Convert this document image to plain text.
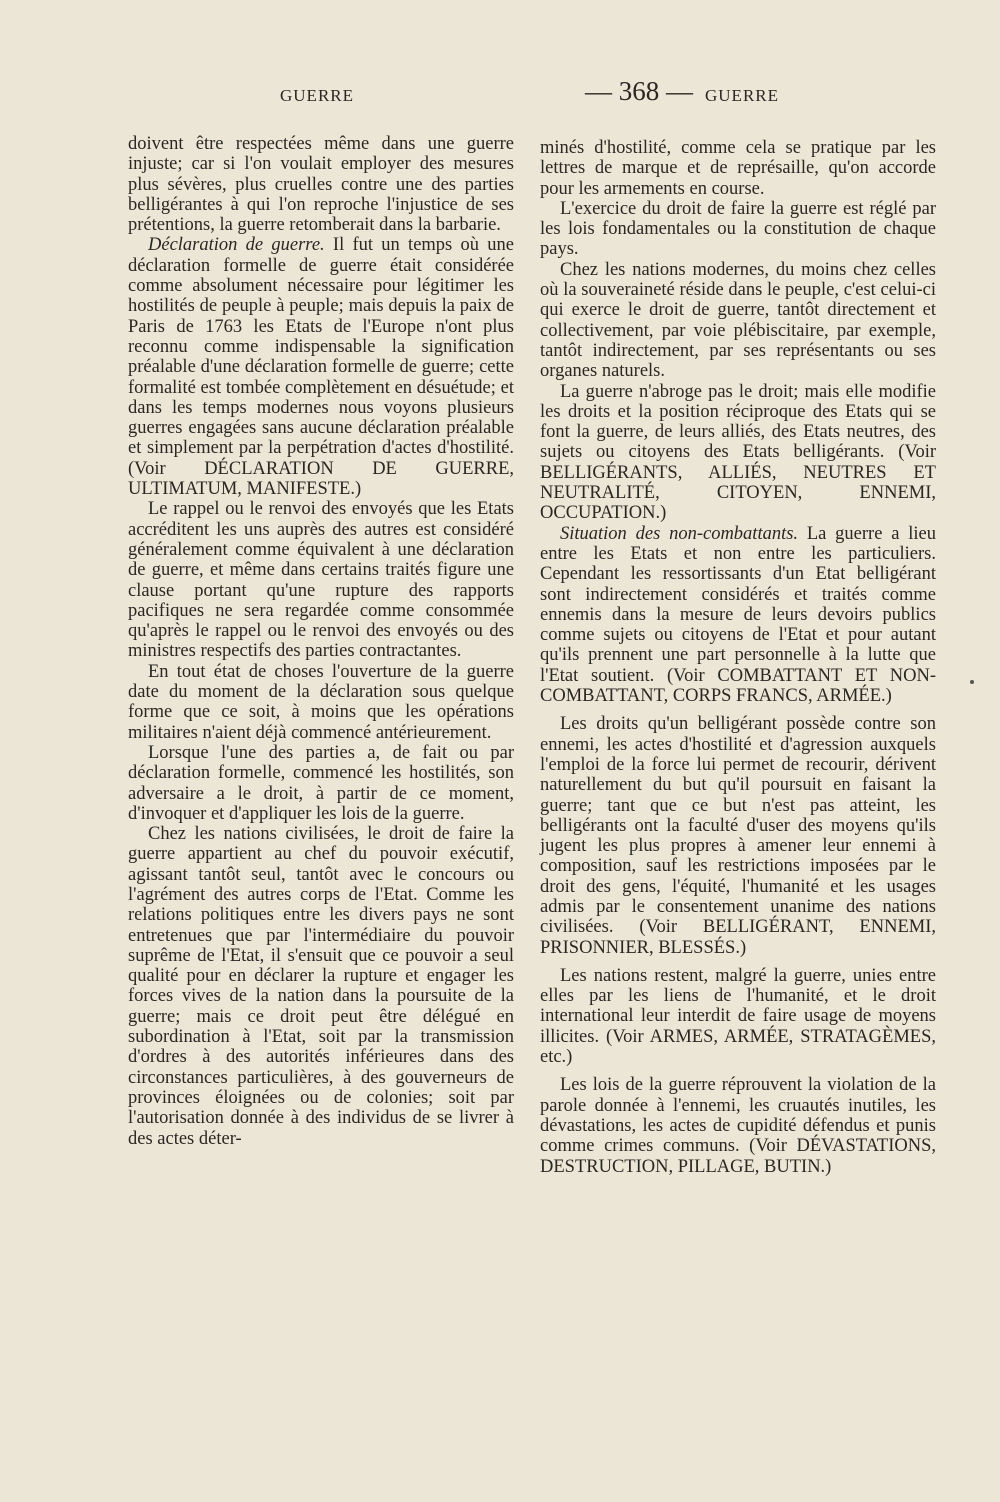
GUERRE	— 368 — GUERRE

doivent être respectées même dans une guerre injuste; car si l'on voulait employer des mesures plus sévères, plus cruelles contre une des parties belligérantes à qui l'on reproche l'injustice de ses prétentions, la guerre retomberait dans la barbarie.

Déclaration de guerre. Il fut un temps où une déclaration formelle de guerre était considérée comme absolument nécessaire pour légitimer les hostilités de peuple à peuple; mais depuis la paix de Paris de 1763 les Etats de l'Europe n'ont plus reconnu comme indispensable la signification préalable d'une déclaration formelle de guerre; cette formalité est tombée complètement en désuétude; et dans les temps modernes nous voyons plusieurs guerres engagées sans aucune déclaration préalable et simplement par la perpétration d'actes d'hostilité. (Voir DÉCLARATION DE GUERRE, ULTIMATUM, MANIFESTE.)

Le rappel ou le renvoi des envoyés que les Etats accréditent les uns auprès des autres est considéré généralement comme équivalent à une déclaration de guerre, et même dans certains traités figure une clause portant qu'une rupture des rapports pacifiques ne sera regardée comme consommée qu'après le rappel ou le renvoi des envoyés ou des ministres respectifs des parties contractantes.

En tout état de choses l'ouverture de la guerre date du moment de la déclaration sous quelque forme que ce soit, à moins que les opérations militaires n'aient déjà commencé antérieurement.

Lorsque l'une des parties a, de fait ou par déclaration formelle, commencé les hostilités, son adversaire a le droit, à partir de ce moment, d'invoquer et d'appliquer les lois de la guerre.

Chez les nations civilisées, le droit de faire la guerre appartient au chef du pouvoir exécutif, agissant tantôt seul, tantôt avec le concours ou l'agrément des autres corps de l'Etat. Comme les relations politiques entre les divers pays ne sont entretenues que par l'intermédiaire du pouvoir suprême de l'Etat, il s'ensuit que ce pouvoir a seul qualité pour en déclarer la rupture et engager les forces vives de la nation dans la poursuite de la guerre; mais ce droit peut être délégué en subordination à l'Etat, soit par la transmission d'ordres à des autorités inférieures dans des circonstances particulières, à des gouverneurs de provinces éloignées ou de colonies; soit par l'autorisation donnée à des individus de se livrer à des actes déter-

minés d'hostilité, comme cela se pratique par les lettres de marque et de représaille, qu'on accorde pour les armements en course.

L'exercice du droit de faire la guerre est réglé par les lois fondamentales ou la constitution de chaque pays.

Chez les nations modernes, du moins chez celles où la souveraineté réside dans le peuple, c'est celui-ci qui exerce le droit de guerre, tantôt directement et collectivement, par voie plébiscitaire, par exemple, tantôt indirectement, par ses représentants ou ses organes naturels.

La guerre n'abroge pas le droit; mais elle modifie les droits et la position réciproque des Etats qui se font la guerre, de leurs alliés, des Etats neutres, des sujets ou citoyens des Etats belligérants. (Voir BELLIGÉRANTS, ALLIÉS, NEUTRES ET NEUTRALITÉ, CITOYEN, ENNEMI, OCCUPATION.)

Situation des non-combattants. La guerre a lieu entre les Etats et non entre les particuliers. Cependant les ressortissants d'un Etat belligérant sont indirectement considérés et traités comme ennemis dans la mesure de leurs devoirs publics comme sujets ou citoyens de l'Etat et pour autant qu'ils prennent une part personnelle à la lutte que l'Etat soutient. (Voir COMBATTANT ET NON-COMBATTANT, CORPS FRANCS, ARMÉE.)

Les droits qu'un belligérant possède contre son ennemi, les actes d'hostilité et d'agression auxquels l'emploi de la force lui permet de recourir, dérivent naturellement du but qu'il poursuit en faisant la guerre; tant que ce but n'est pas atteint, les belligérants ont la faculté d'user des moyens qu'ils jugent les plus propres à amener leur ennemi à composition, sauf les restrictions imposées par le droit des gens, l'équité, l'humanité et les usages admis par le consentement unanime des nations civilisées. (Voir BELLIGÉRANT, ENNEMI, PRISONNIER, BLESSÉS.)

Les nations restent, malgré la guerre, unies entre elles par les liens de l'humanité, et le droit international leur interdit de faire usage de moyens illicites. (Voir ARMES, ARMÉE, STRATAGÈMES, etc.)

Les lois de la guerre réprouvent la violation de la parole donnée à l'ennemi, les cruautés inutiles, les dévastations, les actes de cupidité défendus et punis comme crimes communs. (Voir DÉVASTATIONS, DESTRUCTION, PILLAGE, BUTIN.)
